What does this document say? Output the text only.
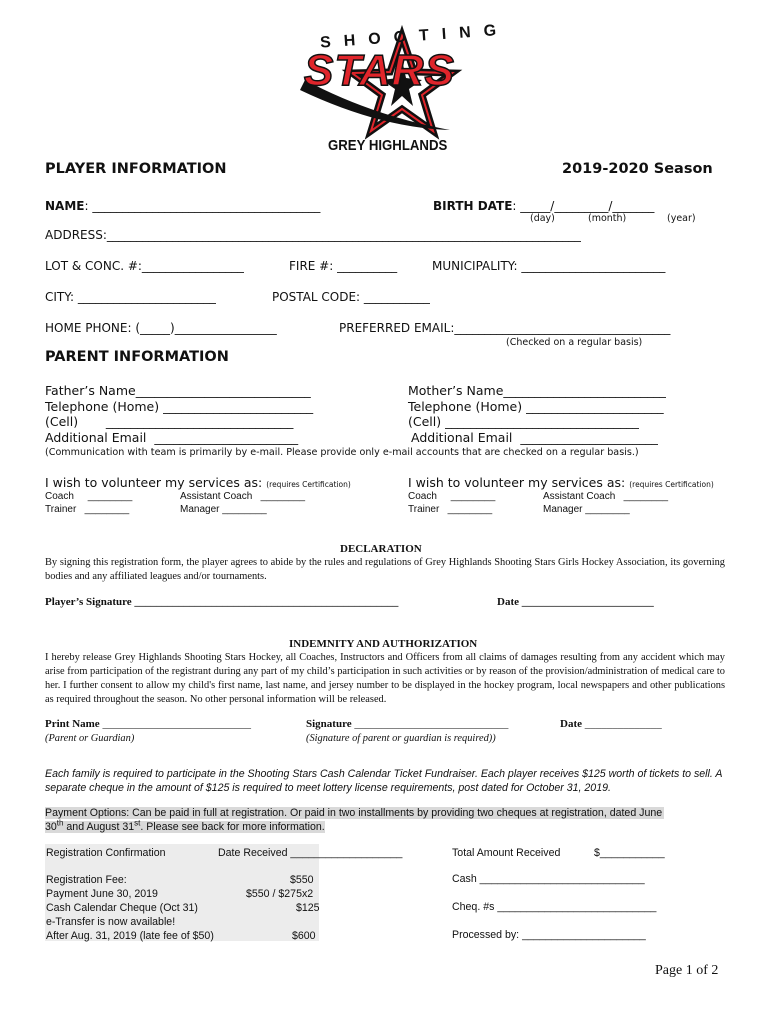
SHOOTING
STARS
GREY HIGHLANDS
PLAYER INFORMATION	2019-2020 Season
NAME: ______________________________________	BIRTH DATE: _____/_________/_______
(day)	(month)	(year)
ADDRESS:_______________________________________________________________________________
LOT & CONC. #:_________________	FIRE #: __________	MUNICIPALITY: ________________________
CITY: _______________________	POSTAL CODE: ___________
HOME PHONE: (_____)_________________	PREFERRED EMAIL:____________________________________
(Checked on a regular basis)
PARENT INFORMATION
Father’s Name____________________________
Telephone (Home) ________________________
(Cell)       ______________________________
Additional Email  _______________________
Mother’s Name__________________________
Telephone (Home) ______________________
(Cell) _______________________________
Additional Email  ______________________
(Communication with team is primarily by e-mail. Please provide only e-mail accounts that are checked on a regular basis.)
I wish to volunteer my services as: (requires Certification)
Coach     ________	Assistant Coach   ________
Trainer   ________	Manager ________
I wish to volunteer my services as: (requires Certification)
Coach     ________	Assistant Coach   ________
Trainer   ________	Manager ________
DECLARATION
By signing this registration form, the player agrees to abide by the rules and regulations of Grey Highlands Shooting Stars Girls Hockey Association, its governing bodies and any affiliated leagues and/or tournaments.
Player’s Signature ________________________________________________	Date ________________________
INDEMNITY AND AUTHORIZATION
I hereby release Grey Highlands Shooting Stars Hockey, all Coaches, Instructors and Officers from all claims of damages resulting from any accident which may arise from participation of the registrant during any part of my child’s participation in such activities or by reason of the provision/administration of medical care to her. I further consent to allow my child's first name, last name, and jersey number to be displayed in the hockey program, local newspapers and other publications as required throughout the season. No other personal information will be released.
Print Name ___________________________	Signature ____________________________	Date ______________
(Parent or Guardian)	(Signature of parent or guardian is required))
Each family is required to participate in the Shooting Stars Cash Calendar Ticket Fundraiser. Each player receives $125 worth of tickets to sell. A separate cheque in the amount of $125 is required to meet lottery license requirements, post dated for October 31, 2019.
Payment Options: Can be paid in full at registration. Or paid in two installments by providing two cheques at registration, dated June
30th and August 31st. Please see back for more information.
Registration Confirmation	Date Received ___________________	Total Amount Received	$___________
Registration Fee:	$550
Payment June 30, 2019	$550 / $275x2
Cash Calendar Cheque (Oct 31)	$125
e-Transfer is now available!
After Aug. 31, 2019 (late fee of $50)	$600
Cash ____________________________
Cheq. #s ___________________________
Processed by: _____________________
Page 1 of 2
